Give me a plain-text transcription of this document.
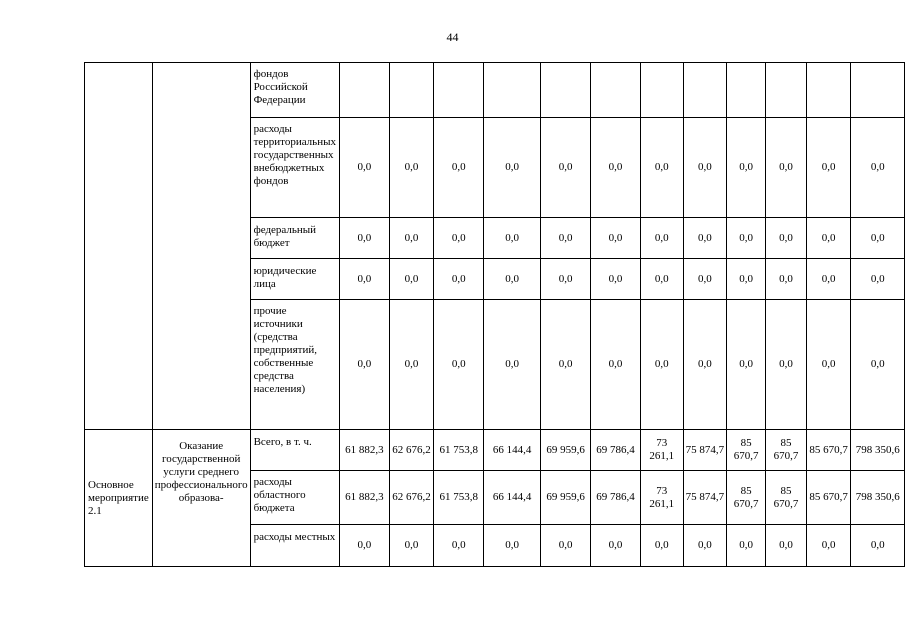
44
		фондов Российской Федерации												
		расходы территориальных государственных внебюджетных фондов	0,0	0,0	0,0	0,0	0,0	0,0	0,0	0,0	0,0	0,0	0,0	0,0
		федеральный бюджет	0,0	0,0	0,0	0,0	0,0	0,0	0,0	0,0	0,0	0,0	0,0	0,0
		юридические лица	0,0	0,0	0,0	0,0	0,0	0,0	0,0	0,0	0,0	0,0	0,0	0,0
		прочие источники (средства предприятий, собственные средства населения)	0,0	0,0	0,0	0,0	0,0	0,0	0,0	0,0	0,0	0,0	0,0	0,0
Основное мероприятие 2.1	Оказание государственной услуги среднего профессионального образова-	Всего, в т. ч.	61 882,3	62 676,2	61 753,8	66 144,4	69 959,6	69 786,4	73 261,1	75 874,7	85 670,7	85 670,7	85 670,7	798 350,6
		расходы областного бюджета	61 882,3	62 676,2	61 753,8	66 144,4	69 959,6	69 786,4	73 261,1	75 874,7	85 670,7	85 670,7	85 670,7	798 350,6
		расходы местных	0,0	0,0	0,0	0,0	0,0	0,0	0,0	0,0	0,0	0,0	0,0	0,0
